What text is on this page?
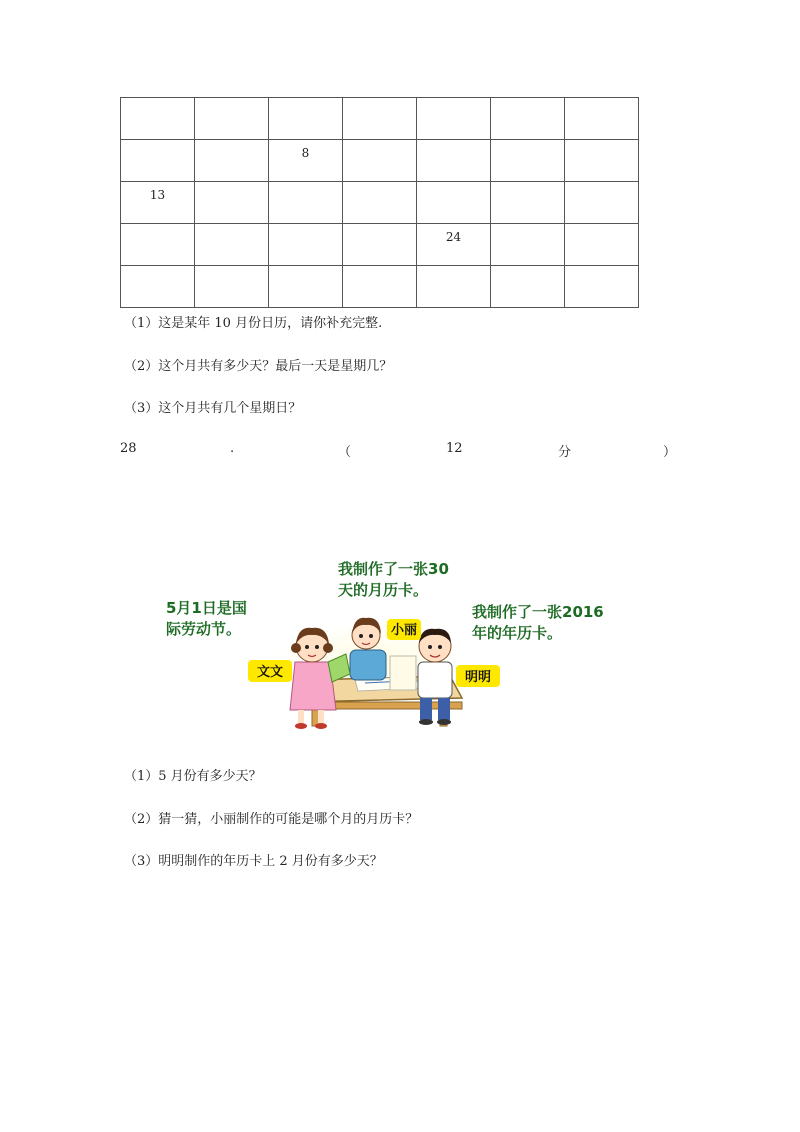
		8				

13						

				24		

（1）这是某年 10 月份日历，请你补充完整.
（2）这个月共有多少天？最后一天是星期几？
（3）这个月共有几个星期日？
28	.	（	12	分	）
我制作了一张30
天的月历卡。
5月1日是国
际劳动节。
我制作了一张2016
年的年历卡。
小丽
文文	明明
（1）5 月份有多少天？
（2）猜一猜，小丽制作的可能是哪个月的月历卡？
（3）明明制作的年历卡上 2 月份有多少天？
